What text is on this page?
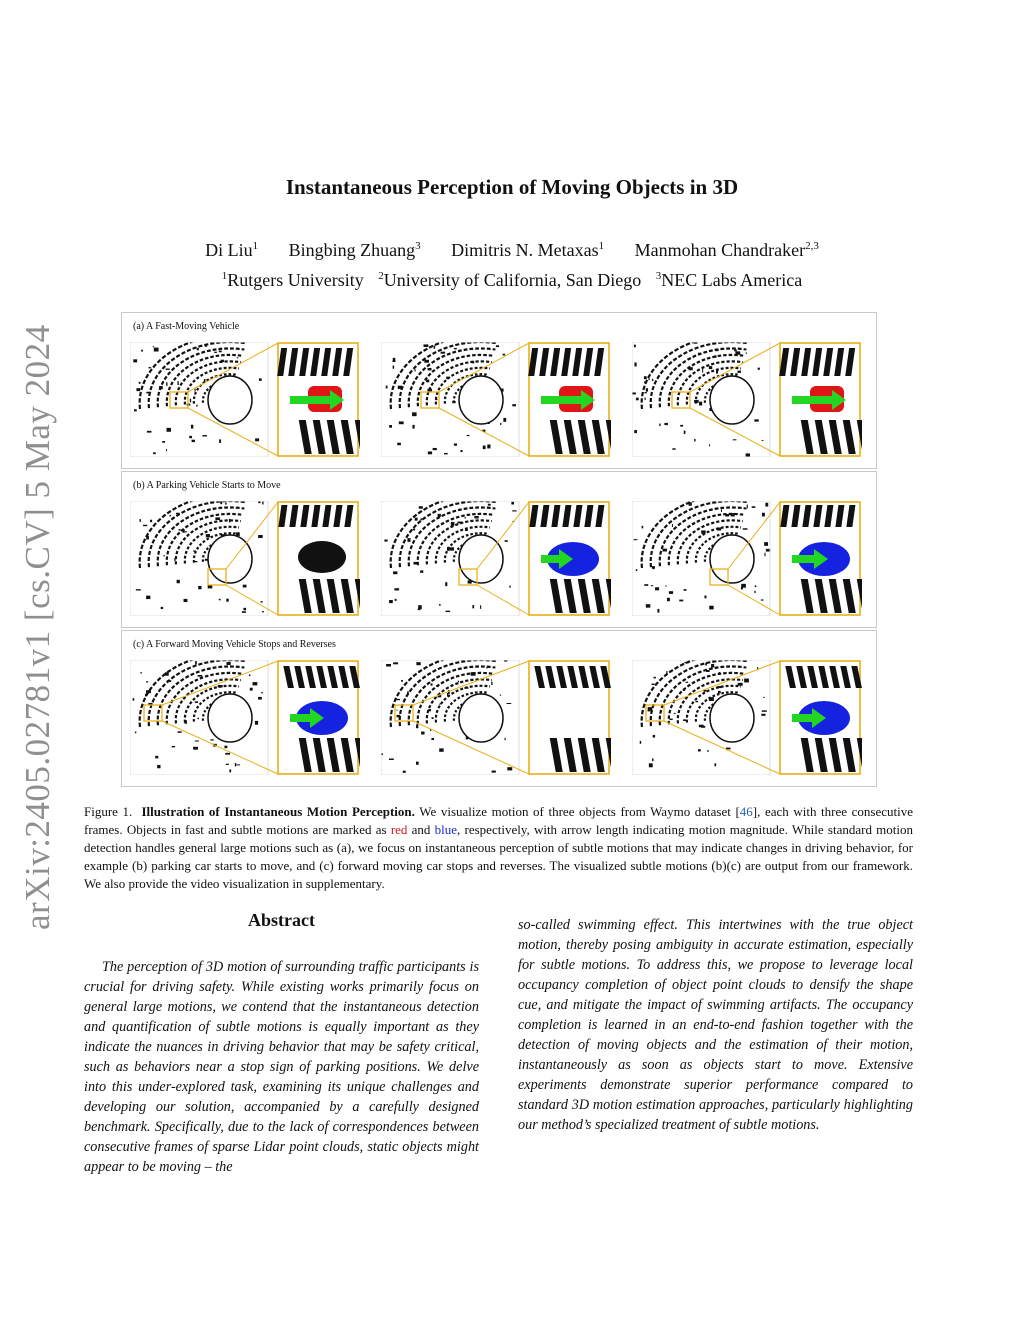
arXiv:2405.02781v1 [cs.CV] 5 May 2024
Instantaneous Perception of Moving Objects in 3D
Di Liu$^1$ Bingbing Zhuang$^3$ Dimitris N. Metaxas$^1$ Manmohan Chandraker$^{2,3}$
$^1$Rutgers University $^2$University of California, San Diego $^3$NEC Labs America
(a) A Fast-Moving Vehicle
(b) A Parking Vehicle Starts to Move
(c) A Forward Moving Vehicle Stops and Reverses
Figure 1. Illustration of Instantaneous Motion Perception. We visualize motion of three objects from Waymo dataset [46], each with three consecutive frames. Objects in fast and subtle motions are marked as red and blue, respectively, with arrow length indicating motion magnitude. While standard motion detection handles general large motions such as (a), we focus on instantaneous perception of subtle motions that may indicate changes in driving behavior, for example (b) parking car starts to move, and (c) forward moving car stops and reverses. The visualized subtle motions (b)(c) are output from our framework. We also provide the video visualization in supplementary.
Abstract
The perception of 3D motion of surrounding traffic participants is crucial for driving safety. While existing works primarily focus on general large motions, we contend that the instantaneous detection and quantification of subtle motions is equally important as they indicate the nuances in driving behavior that may be safety critical, such as behaviors near a stop sign of parking positions. We delve into this under-explored task, examining its unique challenges and developing our solution, accompanied by a carefully designed benchmark. Specifically, due to the lack of correspondences between consecutive frames of sparse Lidar point clouds, static objects might appear to be moving – the
so-called swimming effect. This intertwines with the true object motion, thereby posing ambiguity in accurate estimation, especially for subtle motions. To address this, we propose to leverage local occupancy completion of object point clouds to densify the shape cue, and mitigate the impact of swimming artifacts. The occupancy completion is learned in an end-to-end fashion together with the detection of moving objects and the estimation of their motion, instantaneously as soon as objects start to move. Extensive experiments demonstrate superior performance compared to standard 3D motion estimation approaches, particularly highlighting our method’s specialized treatment of subtle motions.
